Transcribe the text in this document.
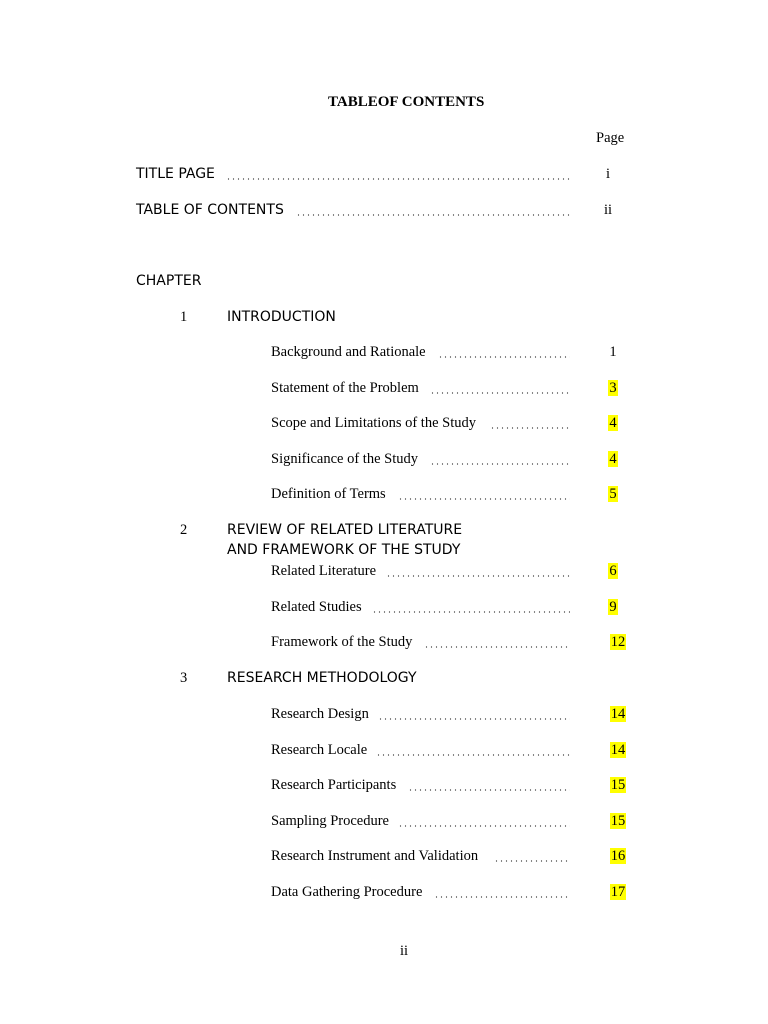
TABLEOF CONTENTS
Page
TITLE PAGE	i
TABLE OF CONTENTS	ii
CHAPTER
1	INTRODUCTION
Background and Rationale	1
Statement of the Problem	3
Scope and Limitations of the Study	4
Significance of the Study	4
Definition of Terms	5
2	REVIEW OF RELATED LITERATURE
AND FRAMEWORK OF THE STUDY
Related Literature	6
Related Studies	9
Framework of the Study	12
3	RESEARCH METHODOLOGY
Research Design	14
Research Locale	14
Research Participants	15
Sampling Procedure	15
Research Instrument and Validation	16
Data Gathering Procedure	17
ii
